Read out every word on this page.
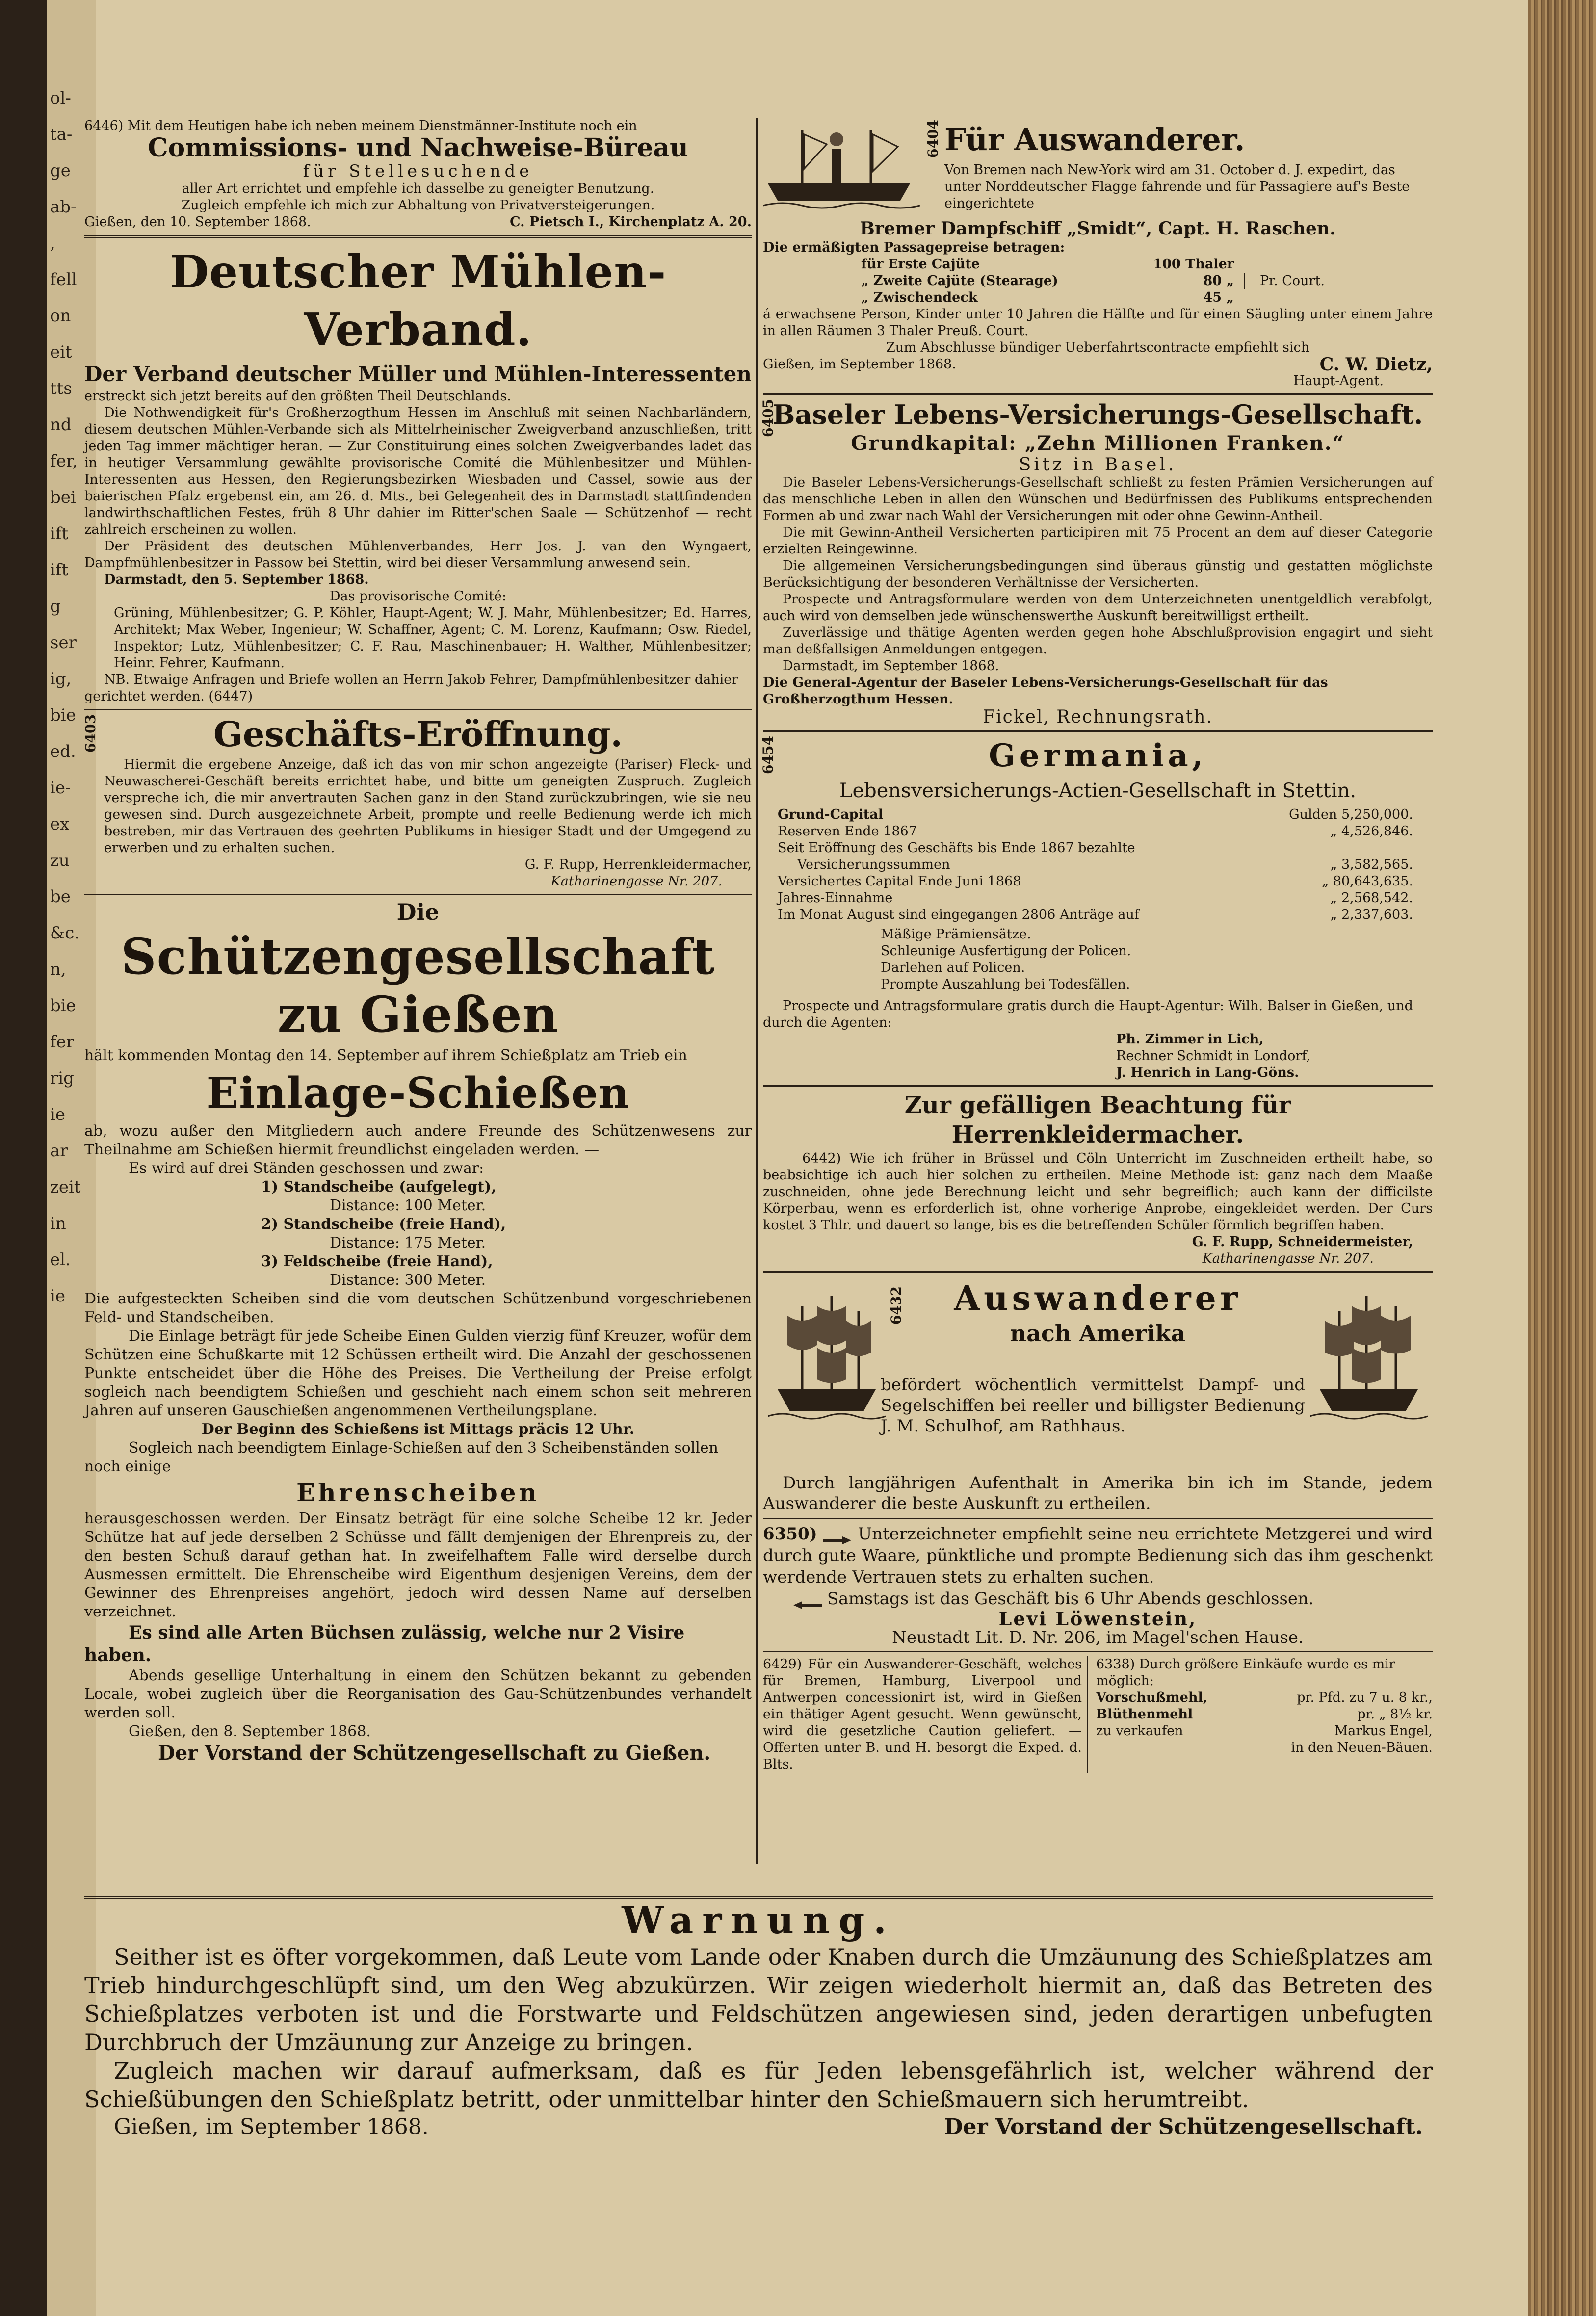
ol-
ta-
ge
ab-
,
fell
on
eit
tts
nd
fer,
bei
ift
ift
g
ser
ig,
bie
ed.
ie-
ex
zu
be
&c.
n,
bie
fer
rig
ie
ar
zeit
in
el.
ie

6446) Mit dem Heutigen habe ich neben meinem Dienstmänner-Institute noch ein

Commissions- und Nachweise-Büreau

für Stellesuchende

aller Art errichtet und empfehle ich dasselbe zu geneigter Benutzung.

Zugleich empfehle ich mich zur Abhaltung von Privatversteigerungen.

Gießen, den 10. September 1868.	C. Pietsch I., Kirchenplatz A. 20.
Deutscher Mühlen-Verband.
Der Verband deutscher Müller und Mühlen-Interessenten

erstreckt sich jetzt bereits auf den größten Theil Deutschlands.

Die Nothwendigkeit für's Großherzogthum Hessen im Anschluß mit seinen Nachbarländern, diesem deutschen Mühlen-Verbande sich als Mittelrheinischer Zweigverband anzuschließen, tritt jeden Tag immer mächtiger heran. — Zur Constituirung eines solchen Zweigverbandes ladet das in heutiger Versammlung gewählte provisorische Comité die Mühlenbesitzer und Mühlen-Interessenten aus Hessen, den Regierungsbezirken Wiesbaden und Cassel, sowie aus der baierischen Pfalz ergebenst ein, am 26. d. Mts., bei Gelegenheit des in Darmstadt stattfindenden landwirthschaftlichen Festes, früh 8 Uhr dahier im Ritter'schen Saale — Schützenhof — recht zahlreich erscheinen zu wollen.

Der Präsident des deutschen Mühlenverbandes, Herr Jos. J. van den Wyngaert, Dampfmühlenbesitzer in Passow bei Stettin, wird bei dieser Versammlung anwesend sein.

Darmstadt, den 5. September 1868.

Das provisorische Comité:

Grüning, Mühlenbesitzer; G. P. Köhler, Haupt-Agent; W. J. Mahr, Mühlenbesitzer; Ed. Harres, Architekt; Max Weber, Ingenieur; W. Schaffner, Agent; C. M. Lorenz, Kaufmann; Osw. Riedel, Inspektor; Lutz, Mühlenbesitzer; C. F. Rau, Maschinenbauer; H. Walther, Mühlenbesitzer; Heinr. Fehrer, Kaufmann.

NB. Etwaige Anfragen und Briefe wollen an Herrn Jakob Fehrer, Dampfmühlenbesitzer dahier gerichtet werden. (6447)

6403	Geschäfts-Eröffnung.

Hiermit die ergebene Anzeige, daß ich das von mir schon angezeigte (Pariser) Fleck- und Neuwascherei-Geschäft bereits errichtet habe, und bitte um geneigten Zuspruch. Zugleich verspreche ich, die mir anvertrauten Sachen ganz in den Stand zurückzubringen, wie sie neu gewesen sind. Durch ausgezeichnete Arbeit, prompte und reelle Bedienung werde ich mich bestreben, mir das Vertrauen des geehrten Publikums in hiesiger Stadt und der Umgegend zu erwerben und zu erhalten suchen.

G. F. Rupp, Herrenkleidermacher,

Katharinengasse Nr. 207.

Die
Schützengesellschaft zu Gießen

hält kommenden Montag den 14. September auf ihrem Schießplatz am Trieb ein

Einlage-Schießen

ab, wozu außer den Mitgliedern auch andere Freunde des Schützenwesens zur Theilnahme am Schießen hiermit freundlichst eingeladen werden. —

Es wird auf drei Ständen geschossen und zwar:

1) Standscheibe (aufgelegt),

Distance: 100 Meter.

2) Standscheibe (freie Hand),

Distance: 175 Meter.

3) Feldscheibe (freie Hand),

Distance: 300 Meter.

Die aufgesteckten Scheiben sind die vom deutschen Schützenbund vorgeschriebenen Feld- und Standscheiben.

Die Einlage beträgt für jede Scheibe Einen Gulden vierzig fünf Kreuzer, wofür dem Schützen eine Schußkarte mit 12 Schüssen ertheilt wird. Die Anzahl der geschossenen Punkte entscheidet über die Höhe des Preises. Die Vertheilung der Preise erfolgt sogleich nach beendigtem Schießen und geschieht nach einem schon seit mehreren Jahren auf unseren Gauschießen angenommenen Vertheilungsplane.

Der Beginn des Schießens ist Mittags präcis 12 Uhr.

Sogleich nach beendigtem Einlage-Schießen auf den 3 Scheibenständen sollen noch einige

Ehrenscheiben

herausgeschossen werden. Der Einsatz beträgt für eine solche Scheibe 12 kr. Jeder Schütze hat auf jede derselben 2 Schüsse und fällt demjenigen der Ehrenpreis zu, der den besten Schuß darauf gethan hat. In zweifelhaftem Falle wird derselbe durch Ausmessen ermittelt. Die Ehrenscheibe wird Eigenthum desjenigen Vereins, dem der Gewinner des Ehrenpreises angehört, jedoch wird dessen Name auf derselben verzeichnet.

Es sind alle Arten Büchsen zulässig, welche nur 2 Visire haben.

Abends gesellige Unterhaltung in einem den Schützen bekannt zu gebenden Locale, wobei zugleich über die Reorganisation des Gau-Schützenbundes verhandelt werden soll.

Gießen, den 8. September 1868.

Der Vorstand der Schützengesellschaft zu Gießen.

6404 Für Auswanderer.

Von Bremen nach New-York wird am 31. October d. J. expedirt, das unter Norddeutscher Flagge fahrende und für Passagiere auf's Beste eingerichtete

Bremer Dampfschiff „Smidt“, Capt. H. Raschen.

Die ermäßigten Passagepreise betragen:

für Erste Cajüte	100 Thaler
„ Zweite Cajüte (Stearage)	80 „
„ Zwischendeck	45 „
Pr. Court.

á erwachsene Person, Kinder unter 10 Jahren die Hälfte und für einen Säugling unter einem Jahre in allen Räumen 3 Thaler Preuß. Court.

Zum Abschlusse bündiger Ueberfahrtscontracte empfiehlt sich

Gießen, im September 1868.	C. W. Dietz,

Haupt-Agent.

6405
Baseler Lebens-Versicherungs-Gesellschaft.

Grundkapital: „Zehn Millionen Franken.“

Sitz in Basel.

Die Baseler Lebens-Versicherungs-Gesellschaft schließt zu festen Prämien Versicherungen auf das menschliche Leben in allen den Wünschen und Bedürfnissen des Publikums entsprechenden Formen ab und zwar nach Wahl der Versicherungen mit oder ohne Gewinn-Antheil.

Die mit Gewinn-Antheil Versicherten participiren mit 75 Procent an dem auf dieser Categorie erzielten Reingewinne.

Die allgemeinen Versicherungsbedingungen sind überaus günstig und gestatten möglichste Berücksichtigung der besonderen Verhältnisse der Versicherten.

Prospecte und Antragsformulare werden von dem Unterzeichneten unentgeldlich verabfolgt, auch wird von demselben jede wünschenswerthe Auskunft bereitwilligst ertheilt.

Zuverlässige und thätige Agenten werden gegen hohe Abschlußprovision engagirt und sieht man deßfallsigen Anmeldungen entgegen.

Darmstadt, im September 1868.

Die General-Agentur der Baseler Lebens-Versicherungs-Gesellschaft für das Großherzogthum Hessen.

Fickel, Rechnungsrath.

6454	Germania,

Lebensversicherungs-Actien-Gesellschaft in Stettin.

Grund-Capital	Gulden 5,250,000.
Reserven Ende 1867	„ 4,526,846.
Seit Eröffnung des Geschäfts bis Ende 1867 bezahlte
Versicherungssummen	„ 3,582,565.
Versichertes Capital Ende Juni 1868	„ 80,643,635.
Jahres-Einnahme	„ 2,568,542.
Im Monat August sind eingegangen 2806 Anträge auf	„ 2,337,603.

Mäßige Prämiensätze.

Schleunige Ausfertigung der Policen.

Darlehen auf Policen.

Prompte Auszahlung bei Todesfällen.

Prospecte und Antragsformulare gratis durch die Haupt-Agentur: Wilh. Balser in Gießen, und durch die Agenten:

Ph. Zimmer in Lich,

Rechner Schmidt in Londorf,

J. Henrich in Lang-Göns.

Zur gefälligen Beachtung für Herrenkleidermacher.

6442) Wie ich früher in Brüssel und Cöln Unterricht im Zuschneiden ertheilt habe, so beabsichtige ich auch hier solchen zu ertheilen. Meine Methode ist: ganz nach dem Maaße zuschneiden, ohne jede Berechnung leicht und sehr begreiflich; auch kann der difficilste Körperbau, wenn es erforderlich ist, ohne vorherige Anprobe, eingekleidet werden. Der Curs kostet 3 Thlr. und dauert so lange, bis es die betreffenden Schüler förmlich begriffen haben.

G. F. Rupp, Schneidermeister,

Katharinengasse Nr. 207.

6432	Auswanderer
nach Amerika

befördert wöchentlich vermittelst Dampf- und Segelschiffen bei reeller und billigster Bedienung J. M. Schulhof, am Rathhaus.

Durch langjährigen Aufenthalt in Amerika bin ich im Stande, jedem Auswanderer die beste Auskunft zu ertheilen.

6350) Unterzeichneter empfiehlt seine neu errichtete Metzgerei und wird durch gute Waare, pünktliche und prompte Bedienung sich das ihm geschenkt werdende Vertrauen stets zu erhalten suchen.

Samstags ist das Geschäft bis 6 Uhr Abends geschlossen.

Levi Löwenstein,

Neustadt Lit. D. Nr. 206, im Magel'schen Hause.

6429) Für ein Auswanderer-Geschäft, welches für Bremen, Hamburg, Liverpool und Antwerpen concessionirt ist, wird in Gießen ein thätiger Agent gesucht. Wenn gewünscht, wird die gesetzliche Caution geliefert. — Offerten unter B. und H. besorgt die Exped. d. Blts.

6338) Durch größere Einkäufe wurde es mir möglich:

Vorschußmehl,	pr. Pfd. zu 7 u. 8 kr.,
Blüthenmehl	pr. „ 8½ kr.
zu verkaufen	Markus Engel,

in den Neuen-Bäuen.

Warnung.

Seither ist es öfter vorgekommen, daß Leute vom Lande oder Knaben durch die Umzäunung des Schießplatzes am Trieb hindurchgeschlüpft sind, um den Weg abzukürzen. Wir zeigen wiederholt hiermit an, daß das Betreten des Schießplatzes verboten ist und die Forstwarte und Feldschützen angewiesen sind, jeden derartigen unbefugten Durchbruch der Umzäunung zur Anzeige zu bringen.

Zugleich machen wir darauf aufmerksam, daß es für Jeden lebensgefährlich ist, welcher während der Schießübungen den Schießplatz betritt, oder unmittelbar hinter den Schießmauern sich herumtreibt.

Gießen, im September 1868.	Der Vorstand der Schützengesellschaft.
